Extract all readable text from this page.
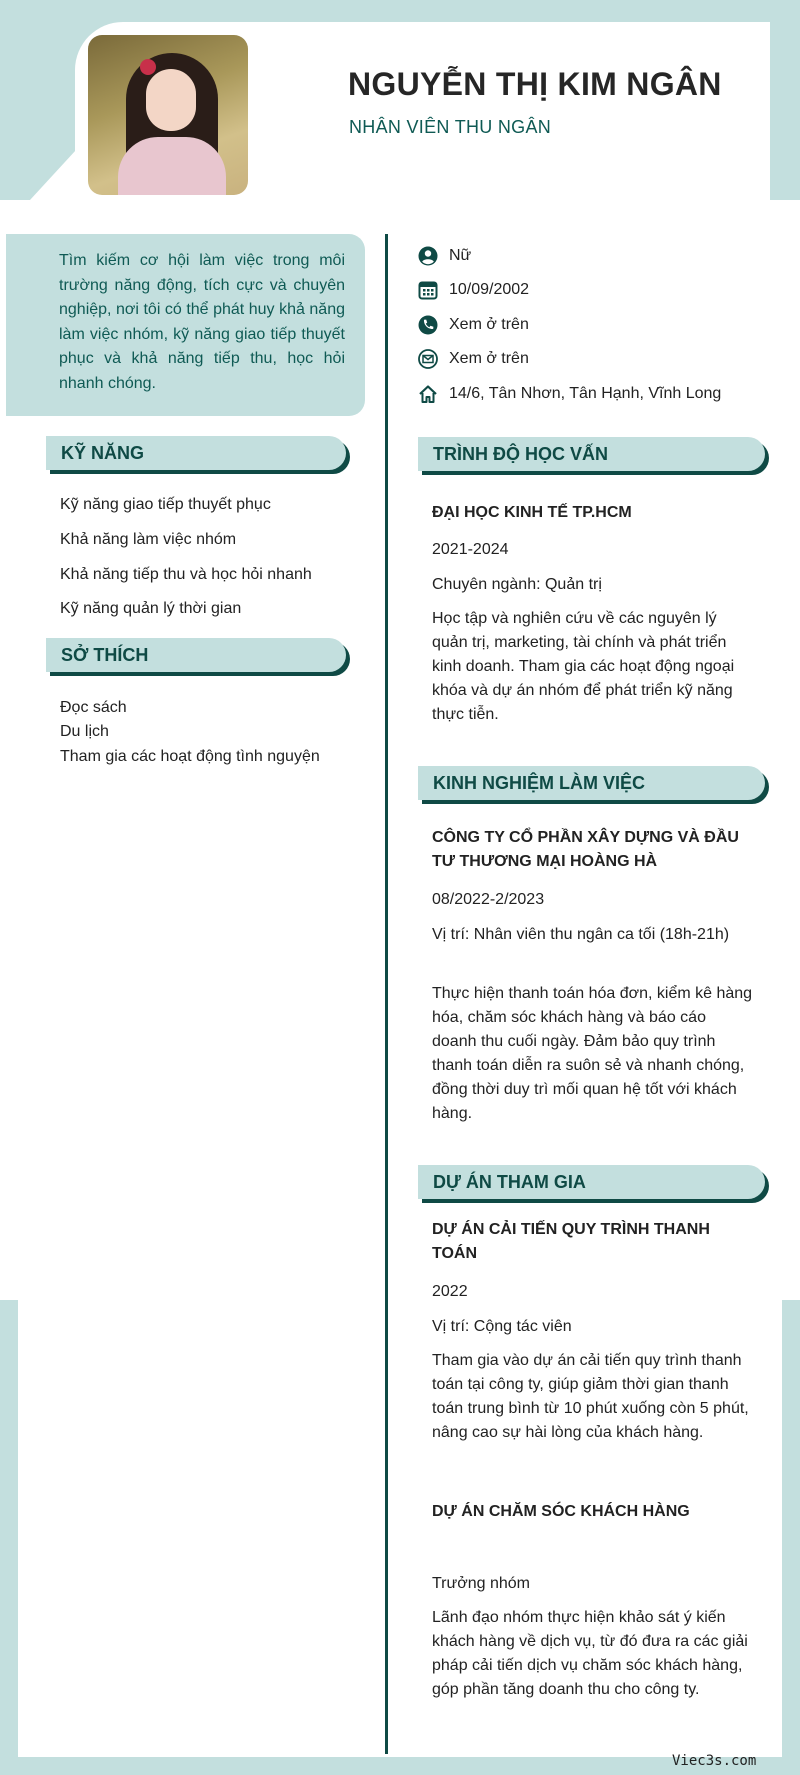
NGUYỄN THỊ KIM NGÂN
NHÂN VIÊN THU NGÂN
Tìm kiếm cơ hội làm việc trong môi trường năng động, tích cực và chuyên nghiệp, nơi tôi có thể phát huy khả năng làm việc nhóm, kỹ năng giao tiếp thuyết phục và khả năng tiếp thu, học hỏi nhanh chóng.
KỸ NĂNG
Kỹ năng giao tiếp thuyết phục
Khả năng làm việc nhóm
Khả năng tiếp thu và học hỏi nhanh
Kỹ năng quản lý thời gian
SỞ THÍCH
Đọc sách
Du lịch
Tham gia các hoạt động tình nguyện
Nữ
10/09/2002
Xem ở trên
Xem ở trên
14/6, Tân Nhơn, Tân Hạnh, Vĩnh Long
TRÌNH ĐỘ HỌC VẤN
ĐẠI HỌC KINH TẾ TP.HCM
2021-2024
Chuyên ngành: Quản trị
Học tập và nghiên cứu về các nguyên lý quản trị, marketing, tài chính và phát triển kinh doanh. Tham gia các hoạt động ngoại khóa và dự án nhóm để phát triển kỹ năng thực tiễn.
KINH NGHIỆM LÀM VIỆC
CÔNG TY CỔ PHẦN XÂY DỰNG VÀ ĐẦU TƯ THƯƠNG MẠI HOÀNG HÀ
08/2022-2/2023
Vị trí: Nhân viên thu ngân ca tối (18h-21h)
Thực hiện thanh toán hóa đơn, kiểm kê hàng hóa, chăm sóc khách hàng và báo cáo doanh thu cuối ngày. Đảm bảo quy trình thanh toán diễn ra suôn sẻ và nhanh chóng, đồng thời duy trì mối quan hệ tốt với khách hàng.
DỰ ÁN THAM GIA
DỰ ÁN CẢI TIẾN QUY TRÌNH THANH TOÁN
2022
Vị trí: Cộng tác viên
Tham gia vào dự án cải tiến quy trình thanh toán tại công ty, giúp giảm thời gian thanh toán trung bình từ 10 phút xuống còn 5 phút, nâng cao sự hài lòng của khách hàng.
DỰ ÁN CHĂM SÓC KHÁCH HÀNG
Trưởng nhóm
Lãnh đạo nhóm thực hiện khảo sát ý kiến khách hàng về dịch vụ, từ đó đưa ra các giải pháp cải tiến dịch vụ chăm sóc khách hàng, góp phần tăng doanh thu cho công ty.
Viec3s.com
